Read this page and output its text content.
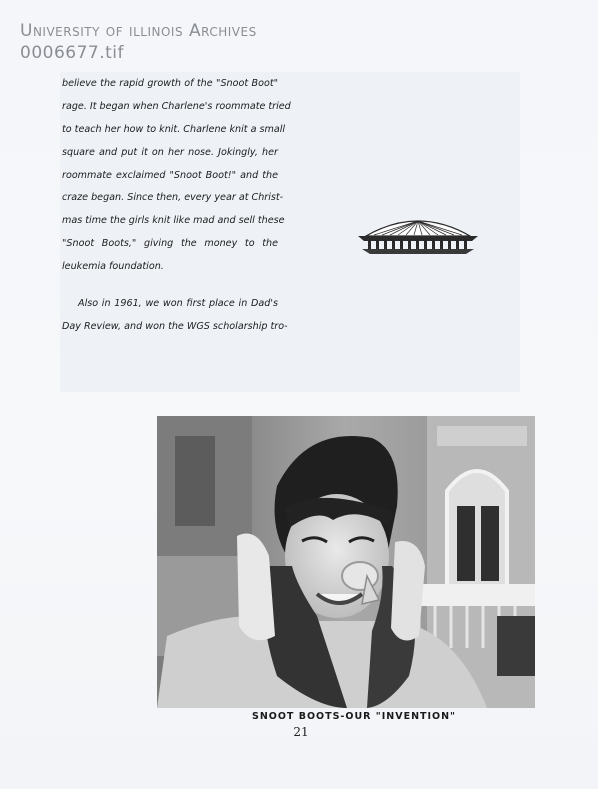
University of illinois Archives
0006677.tif
believe the rapid growth of the "Snoot Boot"
rage. It began when Charlene's roommate tried
to teach her how to knit. Charlene knit a small
square and put it on her nose. Jokingly, her
roommate exclaimed "Snoot Boot!" and the
craze began. Since then, every year at Christ-
mas time the girls knit like mad and sell these
"Snoot Boots," giving the money to the
leukemia foundation.
Also in 1961, we won first place in Dad's
Day Review, and won the WGS scholarship tro-
SNOOT BOOTS-OUR "INVENTION"
21
